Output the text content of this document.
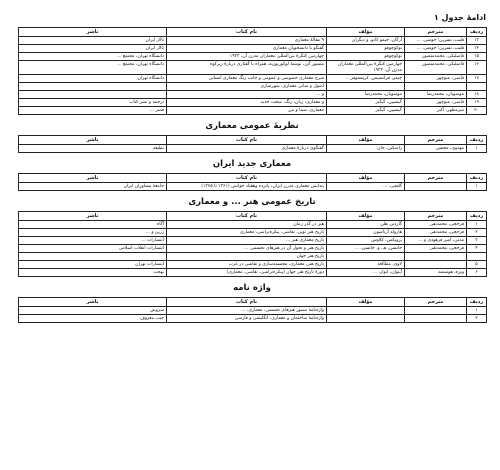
ادامهٔ جدول ۱
ردیف	مترجم	مؤلف	نام کتاب	ناشر
۱۳	قلیب، نسرین؛ حومنی، ...	آرگان، جیمو کانو، و دیگران	۹ مقالهٔ معماری	تالار ایران
۱۴	قلیب، نسرین؛ حومنی، ...	توکوچوفو	گفتگو با دانشجویان معماری	تالار ایران
۱۵	قاضلیکی، محمدمنصور	توکوچوفو	چهارمین کنگرهٔ بین‌المللی معماران مدرن آن، ۱۹۳۳	دانشگاه تهران، مجتمع‌ ...
۱۶	قاضلیکی، محمدمنصور	چهارمین کنگرهٔ بین‌المللی معماران مدرن آن، ۱۹۳۳	منشور آتن، نوشتهٔ لوکوربوزیه، همراه با گفتاری دربارهٔ زیرکوه	دانشگاه تهران، مجتمع‌ ...
۱۷	قاضی، منوچهر	چیمز، فرانسیس، کریستوفر ...	شرح معماری خصوصی و عمومی و جانب رنگ معماری انسانی	دانشگاه تهران
			اصول و مبانی معماری، شهرسازی	
۱۸	موسویان، محمدرضا	موسویان، محمدرضا	و ...	
۱۹	قاضی، منوچهر	گیسپین، گیگیر	و معماری، زبان، رنگ، سخت جدید	ترجمه و نشر کتاب
۲۰	میرمظهر، اکبر	گیسپین، گیگیر	معماری، شما و من	قصر ...
نظریهٔ عمومی معماری
ردیف	مترجم	مؤلف	نام کتاب	ناشر
۱	مهدوی، محسن	راسکین، جان	گفتگوی دربارهٔ معماری	نطیفه
معماری جدید ایران
ردیف	مترجم	مؤلف	نام کتاب	ناشر
۱		گلنچی، ...	پیدایش معماری مدرن ایران، پانزده وهفتاد خوانش (۱۳۶۱ تا ۱۳۷۵)	جامعهٔ مشاوران ایران
تاریخ عمومی هنر ... و معماری
ردیف	مترجم	مؤلف	نام کتاب	ناشر
۱	فرخچی، محمدتقی	گاردنر، هلن	هنر در گذر زمان	آگاه
۲	فرخچی، محمدتقی	هارولد آرناسون	تاریخ هنر نوین، نقاشی، پیکره‌تراشی، معماری	زرین و ...
۳	مدنی، امیر فرهودی و ...	یرویکس، کلاوس	تاریخ معماری هنر ...	انتشارات ...
۴	فرخچی، محمدتقی	جانسن، هـ. و. جانسن، ...	تاریخ هنر و تحول آن در هنرهای تجسمی ...	انتشارات انقلاب اسلامی
			تاریخ هنر جهان	
۵		لاوی، مطالعه	تاریخ هنر، معماری، مجسمه‌سازی و نقاشی در غرب	انتشارات تهران
۶	ویژه، هوشمند	آیتوان، انوار، ...	دورهٔ تاریخ هنر جهان (پیکره‌تراشی، نقاشی، معماری)	بهجت
واژه نامه
ردیف	مترجم	مؤلف	نام کتاب	ناشر
۱			واژه‌نامهٔ مصور هنرهای تجسمی، معماری، ...	سروش
۲			واژه‌نامهٔ ساختمان و معماری، انگلیسی و فارسی	جیب معروف
